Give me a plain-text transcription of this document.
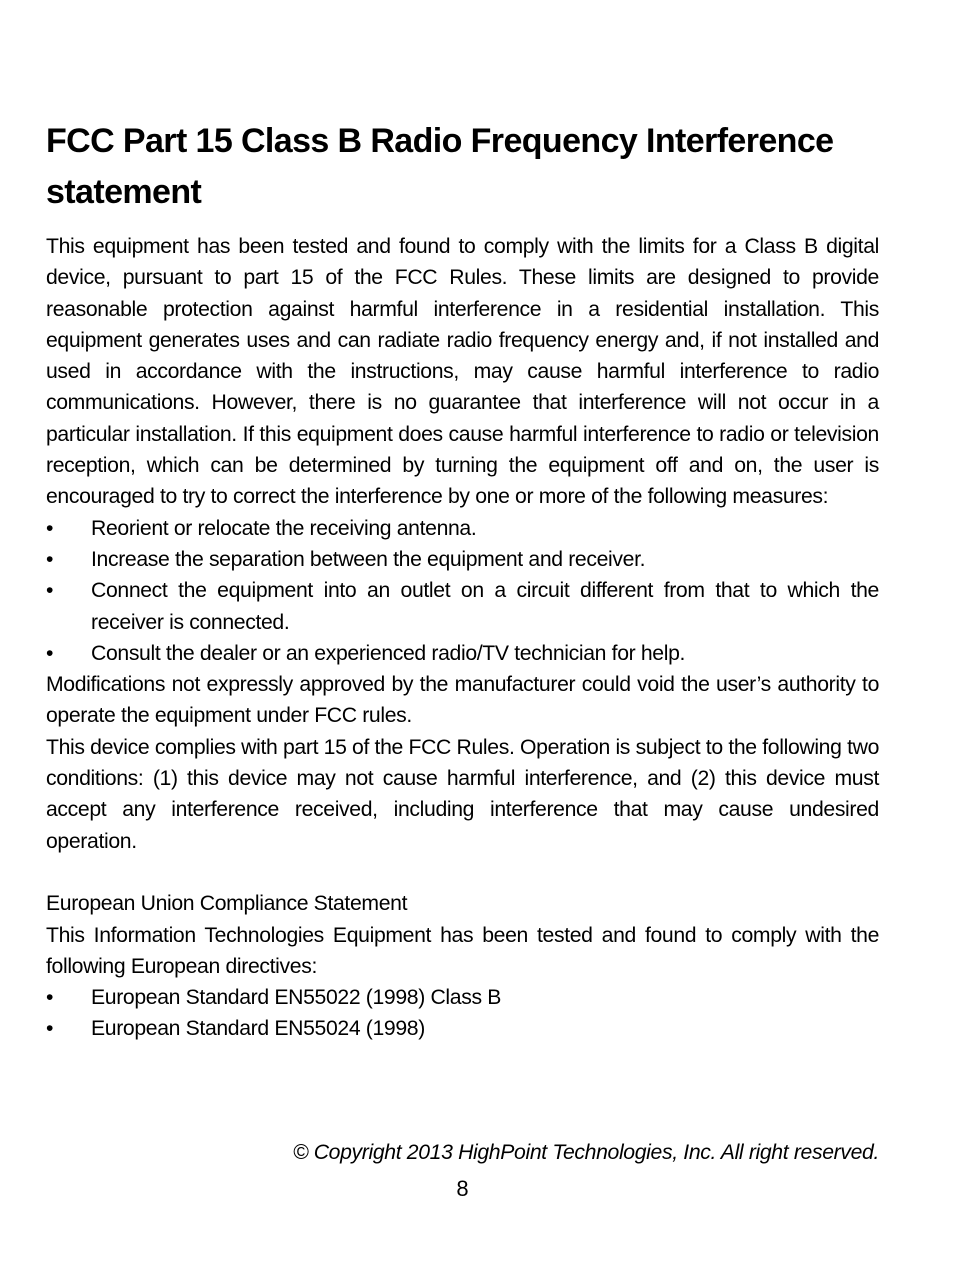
FCC Part 15 Class B Radio Frequency Interference statement

This equipment has been tested and found to comply with the limits for a Class B digital device, pursuant to part 15 of the FCC Rules. These limits are designed to provide reasonable protection against harmful interference in a residential installation. This equipment generates uses and can radiate radio frequency energy and, if not installed and used in accordance with the instructions, may cause harmful interference to radio communications. However, there is no guarantee that interference will not occur in a particular installation. If this equipment does cause harmful interference to radio or television reception, which can be determined by turning the equipment off and on, the user is encouraged to try to correct the interference by one or more of the following measures:

•	Reorient or relocate the receiving antenna.
•	Increase the separation between the equipment and receiver.
•	Connect the equipment into an outlet on a circuit different from that to which the receiver is connected.
•	Consult the dealer or an experienced radio/TV technician for help.

Modifications not expressly approved by the manufacturer could void the user’s authority to operate the equipment under FCC rules.

This device complies with part 15 of the FCC Rules. Operation is subject to the following two conditions: (1) this device may not cause harmful interference, and (2) this device must accept any interference received, including interference that may cause undesired operation.

European Union Compliance Statement

This Information Technologies Equipment has been tested and found to comply with the following European directives:

•	European Standard EN55022 (1998) Class B
•	European Standard EN55024 (1998)
© Copyright 2013 HighPoint Technologies, Inc. All right reserved.
8
